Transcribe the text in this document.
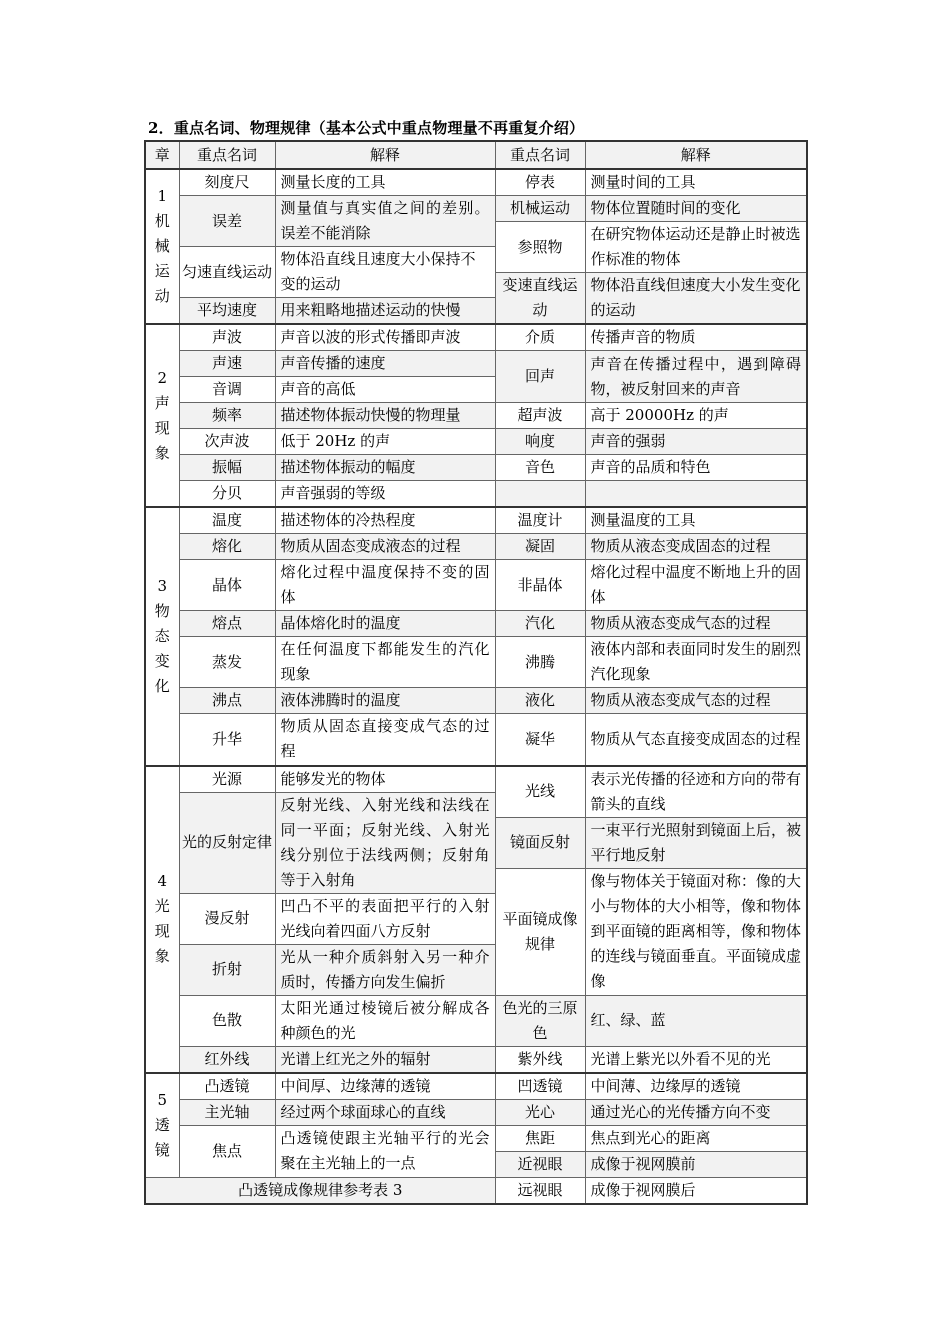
2．重点名词、物理规律（基本公式中重点物理量不再重复介绍）
章	重点名词	解释	重点名词	解释

1
机
械
运
动	刻度尺	测量长度的工具	停表	测量时间的工具
	误差	测量值与真实值之间的差别。误差不能消除	机械运动	物体位置随时间的变化
			参照物	在研究物体运动还是静止时被选作标准的物体
	匀速直线运动	物体沿直线且速度大小保持不变的运动		
			变速直线运动	物体沿直线但速度大小发生变化的运动
	平均速度	用来粗略地描述运动的快慢		

2
声
现
象	声波	声音以波的形式传播即声波	介质	传播声音的物质
	声速	声音传播的速度	回声	声音在传播过程中，遇到障碍物，被反射回来的声音
	音调	声音的高低		
	频率	描述物体振动快慢的物理量	超声波	高于 20000Hz 的声
	次声波	低于 20Hz 的声	响度	声音的强弱
	振幅	描述物体振动的幅度	音色	声音的品质和特色
	分贝	声音强弱的等级		

3
物
态
变
化	温度	描述物体的冷热程度	温度计	测量温度的工具
	熔化	物质从固态变成液态的过程	凝固	物质从液态变成固态的过程
	晶体	熔化过程中温度保持不变的固体	非晶体	熔化过程中温度不断地上升的固体
	熔点	晶体熔化时的温度	汽化	物质从液态变成气态的过程
	蒸发	在任何温度下都能发生的汽化现象	沸腾	液体内部和表面同时发生的剧烈汽化现象
	沸点	液体沸腾时的温度	液化	物质从液态变成气态的过程
	升华	物质从固态直接变成气态的过程	凝华	物质从气态直接变成固态的过程

4
光
现
象	光源	能够发光的物体	光线	表示光传播的径迹和方向的带有箭头的直线
	光的反射定律	反射光线、入射光线和法线在同一平面；反射光线、入射光线分别位于法线两侧；反射角等于入射角		
			镜面反射	一束平行光照射到镜面上后，被平行地反射
			平面镜成像规律	像与物体关于镜面对称：像的大小与物体的大小相等，像和物体到平面镜的距离相等，像和物体的连线与镜面垂直。平面镜成虚像
	漫反射	凹凸不平的表面把平行的入射光线向着四面八方反射		
	折射	光从一种介质斜射入另一种介质时，传播方向发生偏折		
	色散	太阳光通过棱镜后被分解成各种颜色的光	色光的三原色	红、绿、蓝
	红外线	光谱上红光之外的辐射	紫外线	光谱上紫光以外看不见的光

5
透
镜	凸透镜	中间厚、边缘薄的透镜	凹透镜	中间薄、边缘厚的透镜
	主光轴	经过两个球面球心的直线	光心	通过光心的光传播方向不变
	焦点	凸透镜使跟主光轴平行的光会聚在主光轴上的一点	焦距	焦点到光心的距离
			近视眼	成像于视网膜前
凸透镜成像规律参考表 3			远视眼	成像于视网膜后
